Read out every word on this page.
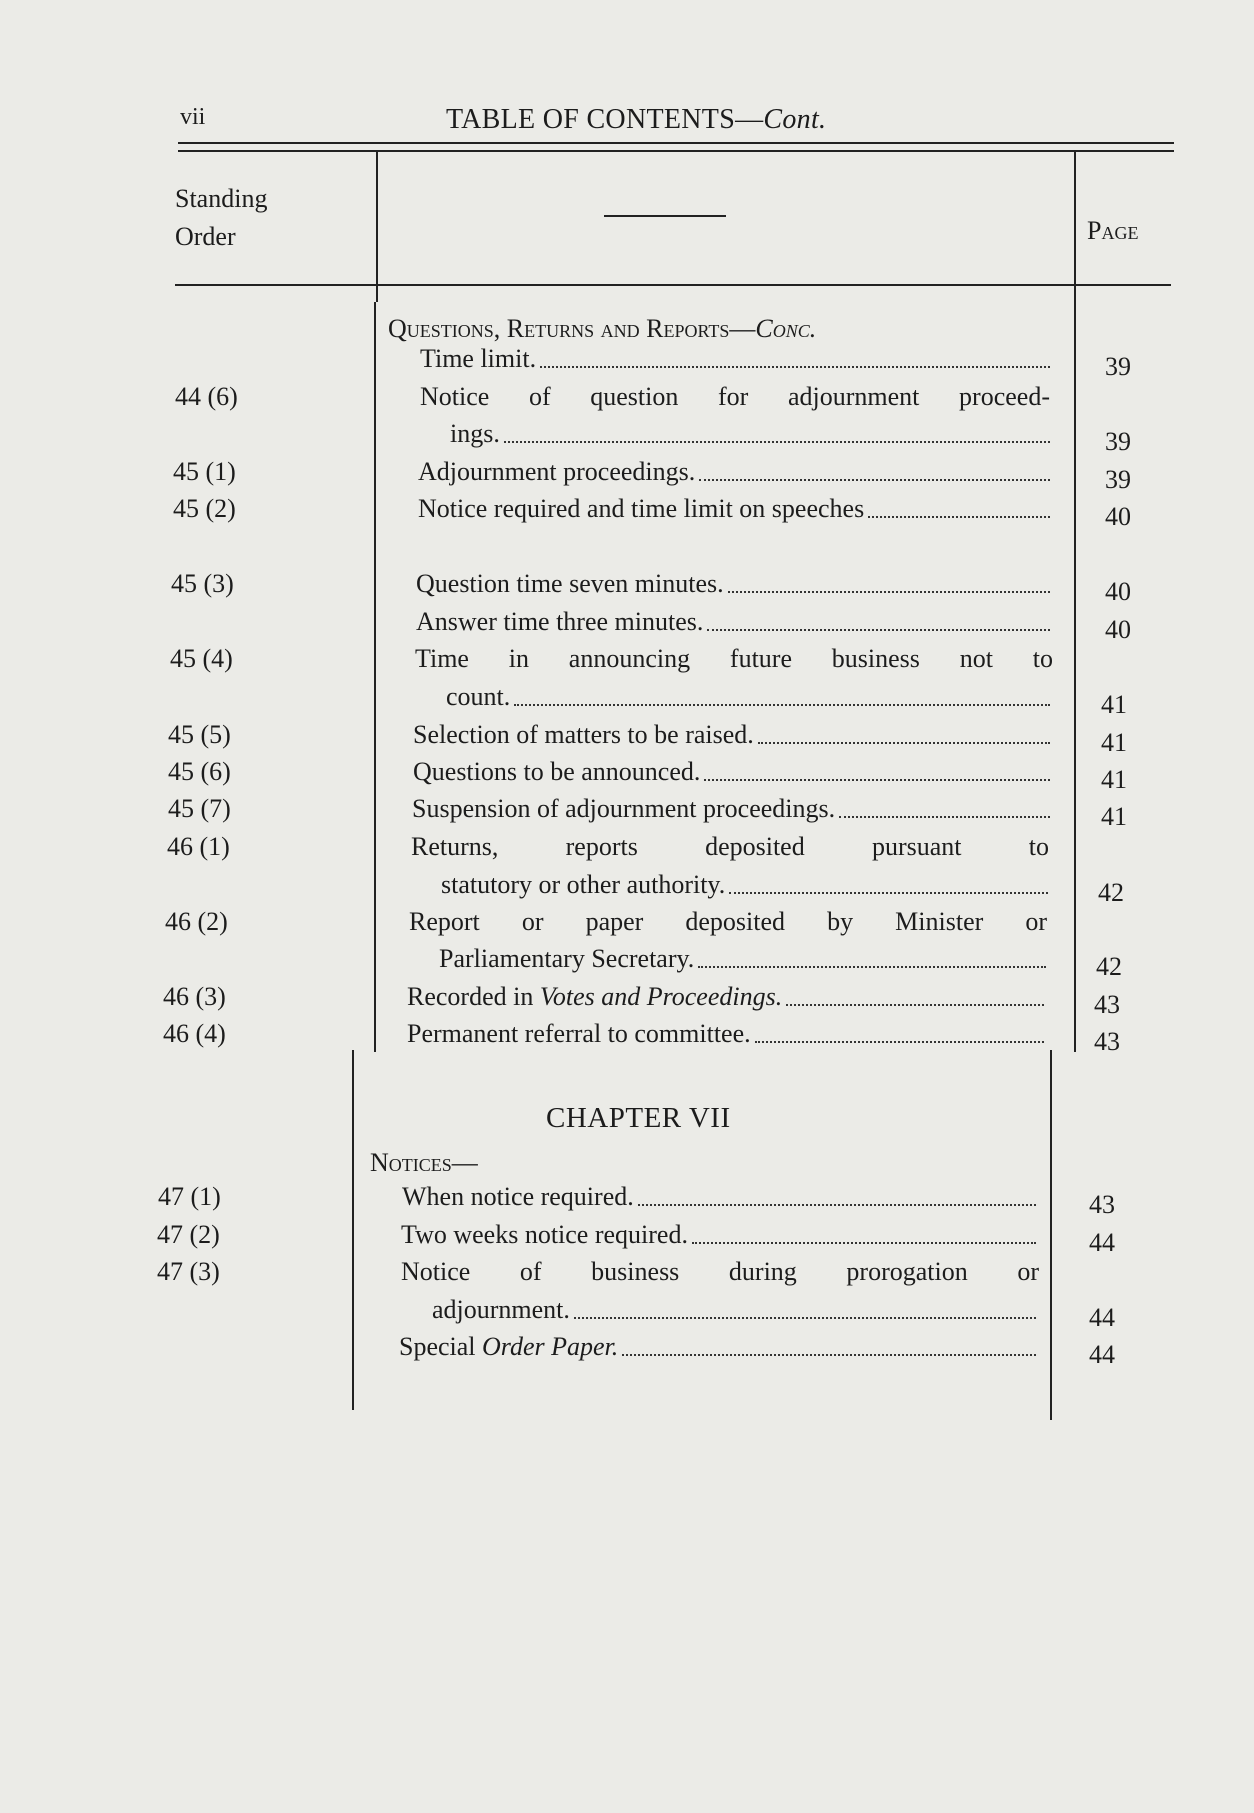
vii	TABLE OF CONTENTS—Cont.
Standing
Order	Page
Questions, Returns and Reports—Conc.
Time limit.	39
44 (6)	Notice of question for adjournment proceed-
ings.	39
45 (1)	Adjournment proceedings.	39
45 (2)	Notice required and time limit on speeches	40
45 (3)	Question time seven minutes.	40
Answer time three minutes.	40
45 (4)	Time in announcing future business not to
count.	41
45 (5)	Selection of matters to be raised.	41
45 (6)	Questions to be announced.	41
45 (7)	Suspension of adjournment proceedings.	41
46 (1)	Returns, reports deposited pursuant to
statutory or other authority.	42
46 (2)	Report or paper deposited by Minister or
Parliamentary Secretary.	42
46 (3)	Recorded in Votes and Proceedings.	43
46 (4)	Permanent referral to committee.	43
CHAPTER VII
Notices—
47 (1)	When notice required.	43
47 (2)	Two weeks notice required.	44
47 (3)	Notice of business during prorogation or
adjournment.	44
Special Order Paper.	44
